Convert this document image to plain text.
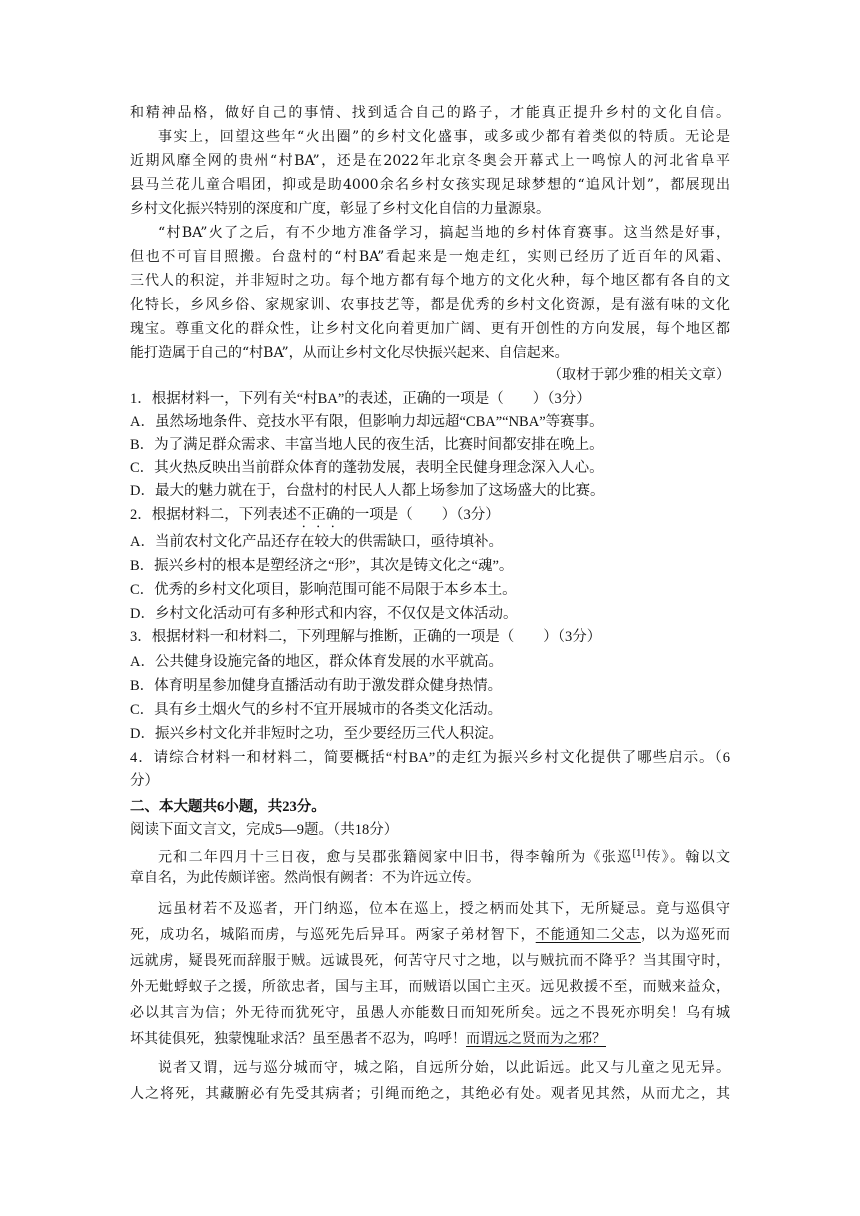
和精神品格，做好自己的事情、找到适合自己的路子，才能真正提升乡村的文化自信。
事实上，回望这些年“火出圈”的乡村文化盛事，或多或少都有着类似的特质。无论是
近期风靡全网的贵州“村BA”，还是在2022年北京冬奥会开幕式上一鸣惊人的河北省阜平
县马兰花儿童合唱团，抑或是助4000余名乡村女孩实现足球梦想的“追风计划”，都展现出
乡村文化振兴特别的深度和广度，彰显了乡村文化自信的力量源泉。
“村BA”火了之后，有不少地方准备学习，搞起当地的乡村体育赛事。这当然是好事，
但也不可盲目照搬。台盘村的“村BA”看起来是一炮走红，实则已经历了近百年的风霜、
三代人的积淀，并非短时之功。每个地方都有每个地方的文化火种，每个地区都有各自的文
化特长，乡风乡俗、家规家训、农事技艺等，都是优秀的乡村文化资源，是有滋有味的文化
瑰宝。尊重文化的群众性，让乡村文化向着更加广阔、更有开创性的方向发展，每个地区都
能打造属于自己的“村BA”，从而让乡村文化尽快振兴起来、自信起来。
（取材于郭少雅的相关文章）
1．根据材料一，下列有关“村BA”的表述，正确的一项是（　　）（3分）
A．虽然场地条件、竞技水平有限，但影响力却远超“CBA”“NBA”等赛事。
B．为了满足群众需求、丰富当地人民的夜生活，比赛时间都安排在晚上。
C．其火热反映出当前群众体育的蓬勃发展，表明全民健身理念深入人心。
D．最大的魅力就在于，台盘村的村民人人都上场参加了这场盛大的比赛。
2．根据材料二，下列表述不正确的一项是（　　）（3分）
A．当前农村文化产品还存在较大的供需缺口，亟待填补。
B．振兴乡村的根本是塑经济之“形”，其次是铸文化之“魂”。
C．优秀的乡村文化项目，影响范围可能不局限于本乡本土。
D．乡村文化活动可有多种形式和内容，不仅仅是文体活动。
3．根据材料一和材料二，下列理解与推断，正确的一项是（　　）（3分）
A．公共健身设施完备的地区，群众体育发展的水平就高。
B．体育明星参加健身直播活动有助于激发群众健身热情。
C．具有乡土烟火气的乡村不宜开展城市的各类文化活动。
D．振兴乡村文化并非短时之功，至少要经历三代人积淀。
4．请综合材料一和材料二，简要概括“村BA”的走红为振兴乡村文化提供了哪些启示。（6
分）
二、本大题共6小题，共23分。
阅读下面文言文，完成5—9题。（共18分）
元和二年四月十三日夜，愈与吴郡张籍阅家中旧书，得李翰所为《张巡[1]传》。翰以文
章自名，为此传颇详密。然尚恨有阙者：不为许远立传。
远虽材若不及巡者，开门纳巡，位本在巡上，授之柄而处其下，无所疑忌。竟与巡俱守
死，成功名，城陷而虏，与巡死先后异耳。两家子弟材智下，不能通知二父志，以为巡死而
远就虏，疑畏死而辞服于贼。远诚畏死，何苦守尺寸之地，以与贼抗而不降乎？当其围守时，
外无蚍蜉蚁子之援，所欲忠者，国与主耳，而贼语以国亡主灭。远见救援不至，而贼来益众，
必以其言为信；外无待而犹死守，虽愚人亦能数日而知死所矣。远之不畏死亦明矣！乌有城
坏其徒俱死，独蒙愧耻求活？虽至愚者不忍为，呜呼！而谓远之贤而为之邪？
说者又谓，远与巡分城而守，城之陷，自远所分始，以此诟远。此又与儿童之见无异。
人之将死，其藏腑必有先受其病者；引绳而绝之，其绝必有处。观者见其然，从而尤之，其
